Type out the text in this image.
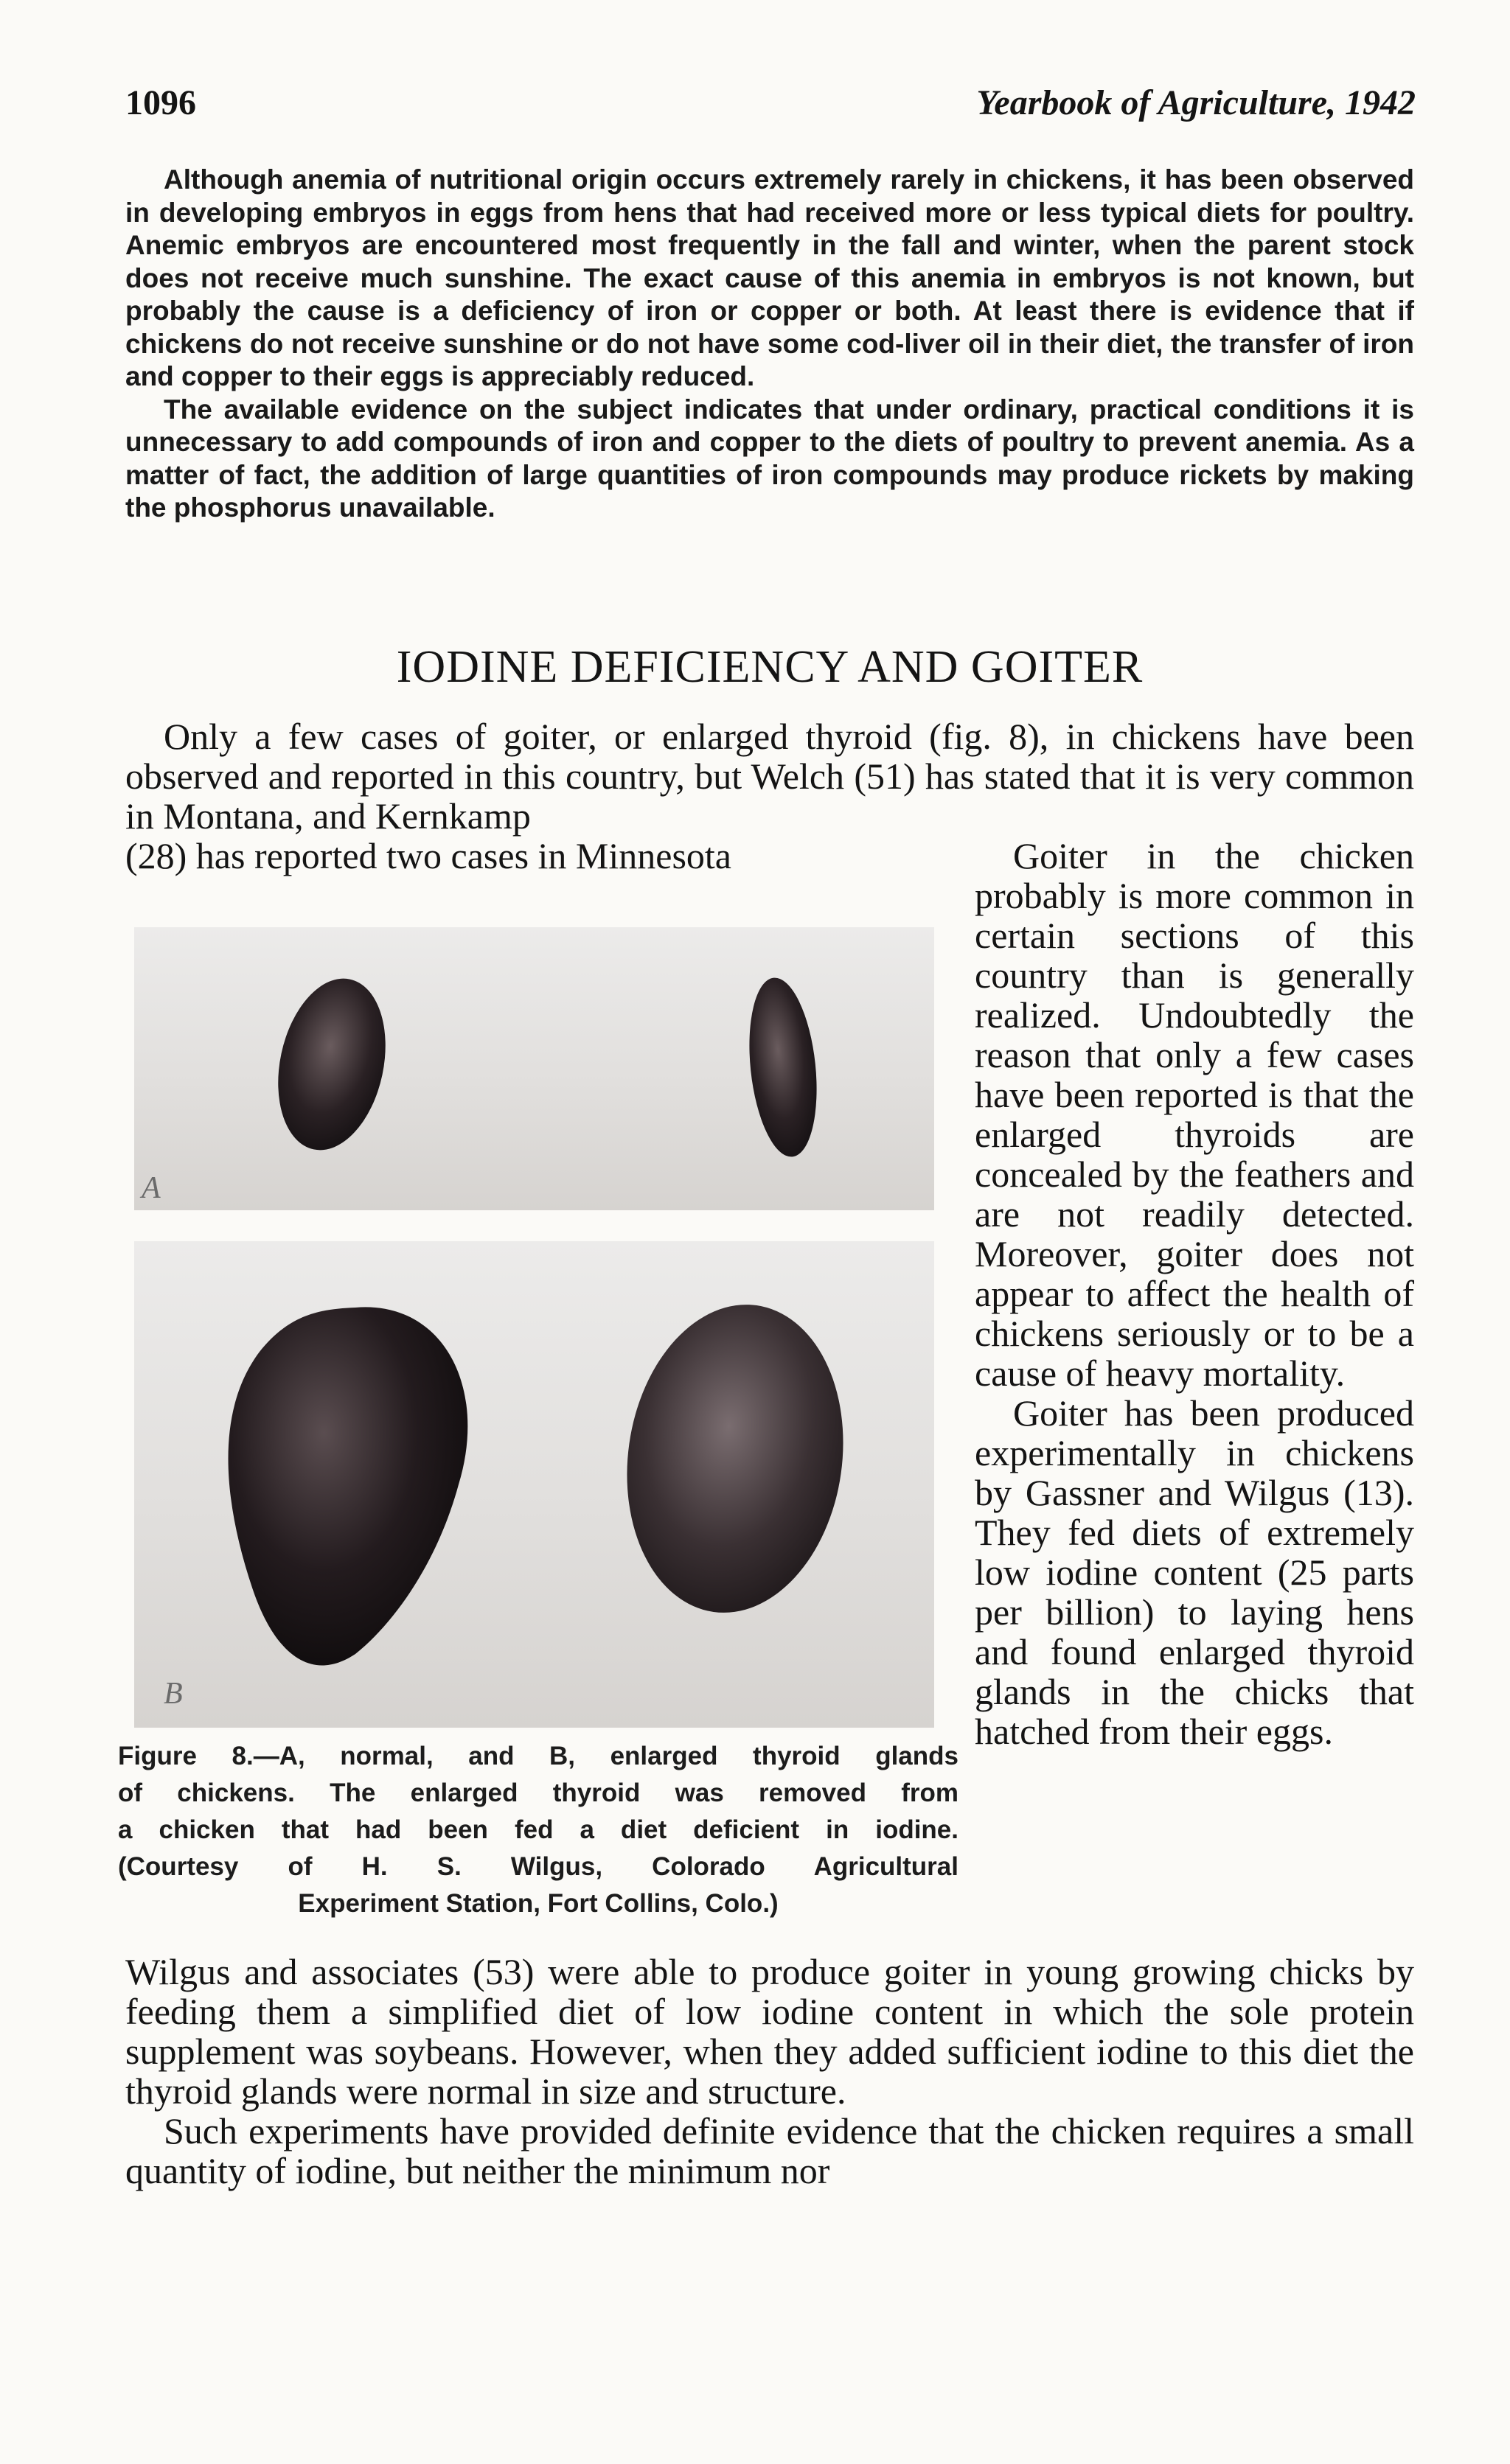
1096	Yearbook of Agriculture, 1942

Although anemia of nutritional origin occurs extremely rarely in chickens, it has been observed in developing embryos in eggs from hens that had received more or less typical diets for poultry. Anemic embryos are encountered most frequently in the fall and winter, when the parent stock does not receive much sunshine. The exact cause of this anemia in embryos is not known, but probably the cause is a deficiency of iron or copper or both. At least there is evidence that if chickens do not receive sunshine or do not have some cod-liver oil in their diet, the transfer of iron and copper to their eggs is appreciably reduced.

The available evidence on the subject indicates that under ordinary, practical conditions it is unnecessary to add compounds of iron and copper to the diets of poultry to prevent anemia. As a matter of fact, the addition of large quantities of iron compounds may produce rickets by making the phosphorus unavailable.

IODINE DEFICIENCY AND GOITER

Only a few cases of goiter, or enlarged thyroid (fig. 8), in chickens have been observed and reported in this country, but Welch (51) has stated that it is very common in Montana, and Kernkamp

(28) has reported two cases in Minnesota	Goiter in the chicken probably is more common in certain sections of this country than is generally realized. Undoubtedly the reason that only a few cases have been reported is that the enlarged thyroids are concealed by the feathers and are not readily detected. Moreover, goiter does not appear to affect the health of chickens seriously or to be a cause of heavy mortality.

Goiter has been produced experimentally in chickens by Gassner and Wilgus (13). They fed diets of extremely low iodine content (25 parts per billion) to laying hens and found enlarged thyroid glands in the chicks that hatched from their eggs.

A
B
Figure 8.—A, normal, and B, enlarged thyroid glands
of chickens. The enlarged thyroid was removed from
a chicken that had been fed a diet deficient in iodine.
(Courtesy of H. S. Wilgus, Colorado Agricultural
Experiment Station, Fort Collins, Colo.)

Wilgus and associates (53) were able to produce goiter in young growing chicks by feeding them a simplified diet of low iodine content in which the sole protein supplement was soybeans. However, when they added sufficient iodine to this diet the thyroid glands were normal in size and structure.

Such experiments have provided definite evidence that the chicken requires a small quantity of iodine, but neither the minimum nor
